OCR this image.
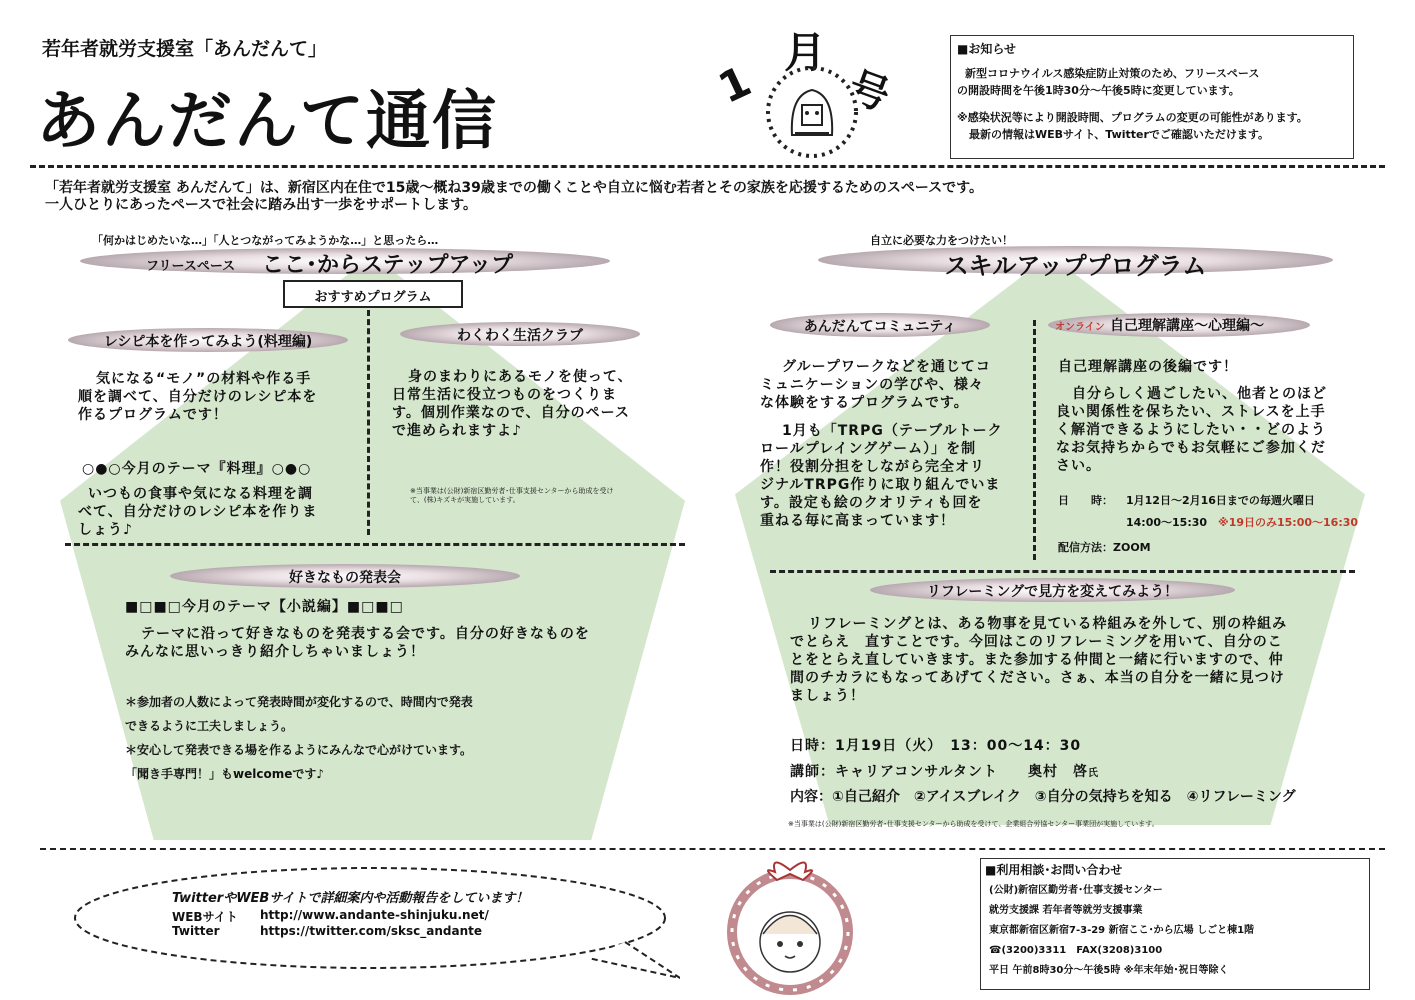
若年者就労支援室「あんだんて」
あんだんて通信
1
月
号
■お知らせ
新型コロナウイルス感染症防止対策のため、フリースペース
の開設時間を午後1時30分～午後5時に変更しています。
※感染状況等により開設時間、プログラムの変更の可能性があります。
最新の情報はWEBサイト、Twitterでご確認いただけます。
「若年者就労支援室 あんだんて」は、新宿区内在住で15歳～概ね39歳までの働くことや自立に悩む若者とその家族を応援するためのスペースです。
一人ひとりにあったペースで社会に踏み出す一歩をサポートします。
「何かはじめたいな…」「人とつながってみようかな…」と思ったら…
フリースペース ここ･からステップアップ
おすすめプログラム
レシピ本を作ってみよう(料理編)
気になる“モノ”の材料や作る手
順を調べて、自分だけのレシピ本を
作るプログラムです！
○●○今月のテーマ『料理』○●○
いつもの食事や気になる料理を調
べて、自分だけのレシピ本を作りま
しょう♪
わくわく生活クラブ
身のまわりにあるモノを使って、
日常生活に役立つものをつくりま
す。個別作業なので、自分のペース
で進められますよ♪
※当事業は(公財)新宿区勤労者･仕事支援センターから助成を受け
て、(株)キズキが実施しています。
好きなもの発表会
■□■□今月のテーマ【小説編】■□■□
テーマに沿って好きなものを発表する会です。自分の好きなものを
みんなに思いっきり紹介しちゃいましょう！
＊参加者の人数によって発表時間が変化するので、時間内で発表
できるように工夫しましょう。
＊安心して発表できる場を作るようにみんなで心がけています。
「聞き手専門！」もwelcomeです♪
自立に必要な力をつけたい！
スキルアッププログラム
あんだんてコミュニティ
グループワークなどを通じてコ
ミュニケーションの学びや、様々
な体験をするプログラムです。
1月も「TRPG（テーブルトーク
ロールプレイングゲーム）」を制
作！役割分担をしながら完全オリ
ジナルTRPG作りに取り組んでいま
す。設定も絵のクオリティも回を
重ねる毎に高まっています！
オンライン 自己理解講座～心理編～
自己理解講座の後編です！
自分らしく過ごしたい、他者とのほど
良い関係性を保ちたい、ストレスを上手
く解消できるようにしたい・・どのよう
なお気持ちからでもお気軽にご参加くだ
さい。
日　　時： 1月12日～2月16日までの毎週火曜日
14:00～15:30 ※19日のみ15:00～16:30
配信方法：ZOOM
リフレーミングで見方を変えてみよう！
リフレーミングとは、ある物事を見ている枠組みを外して、別の枠組み
でとらえ　直すことです。今回はこのリフレーミングを用いて、自分のこ
とをとらえ直していきます。また参加する仲間と一緒に行いますので、仲
間のチカラにもなってあげてください。さぁ、本当の自分を一緒に見つけ
ましょう！
日時：1月19日（火）　13：00～14：30
講師：キャリアコンサルタント　　奥村　啓氏
内容：①自己紹介　②アイスブレイク　③自分の気持ちを知る　④リフレーミング
※当事業は(公財)新宿区勤労者･仕事支援センターから助成を受けて、企業組合労協センター事業団が実施しています。
TwitterやWEBサイトで詳細案内や活動報告をしています！
WEBサイト http://www.andante-shinjuku.net/
Twitter	https://twitter.com/sksc_andante
■利用相談･お問い合わせ
(公財)新宿区勤労者･仕事支援センター
就労支援課 若年者等就労支援事業
東京都新宿区新宿7-3-29 新宿ここ･から広場 しごと棟1階
☎(3200)3311　FAX(3208)3100
平日 午前8時30分～午後5時 ※年末年始･祝日等除く
